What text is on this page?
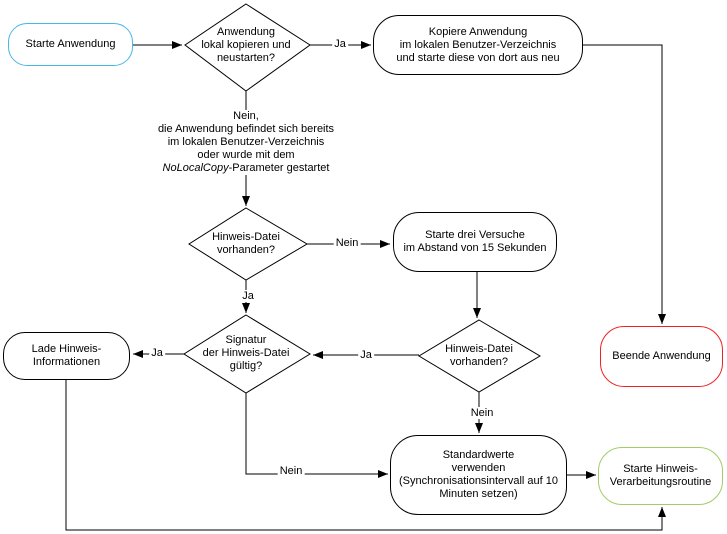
Starte Anwendung
Kopiere Anwendung
im lokalen Benutzer-Verzeichnis
und starte diese von dort aus neu
Starte drei Versuche
im Abstand von 15 Sekunden
Lade Hinweis-
Informationen
Standardwerte
verwenden
(Synchronisationsintervall auf 10
Minuten setzen)
Beende Anwendung
Starte Hinweis-
Verarbeitungsroutine
Anwendung
lokal kopieren und
neustarten?
Hinweis-Datei
vorhanden?
Signatur
der Hinweis-Datei
gültig?
Hinweis-Datei
vorhanden?
Ja
Nein
Ja
Ja	Ja
Nein
Nein
Nein,
die Anwendung befindet sich bereits
im lokalen Benutzer-Verzeichnis
oder wurde mit dem
NoLocalCopy-Parameter gestartet
